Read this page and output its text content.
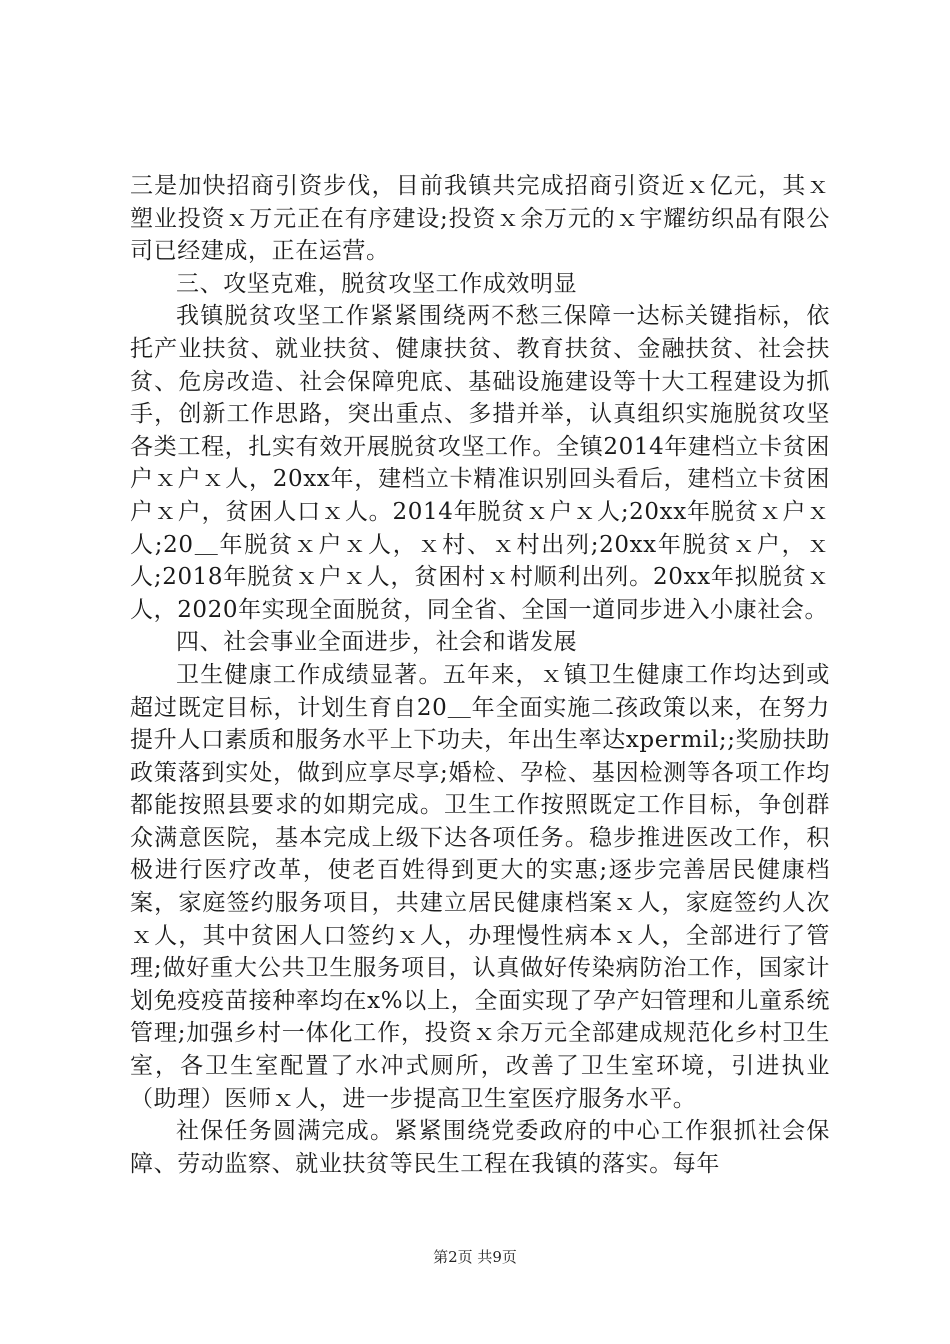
三是加快招商引资步伐，目前我镇共完成招商引资近ｘ亿元，其ｘ塑业投资ｘ万元正在有序建设;投资ｘ余万元的ｘ宇耀纺织品有限公司已经建成，正在运营。

三、攻坚克难，脱贫攻坚工作成效明显

我镇脱贫攻坚工作紧紧围绕两不愁三保障一达标关键指标，依托产业扶贫、就业扶贫、健康扶贫、教育扶贫、金融扶贫、社会扶贫、危房改造、社会保障兜底、基础设施建设等十大工程建设为抓手，创新工作思路，突出重点、多措并举，认真组织实施脱贫攻坚各类工程，扎实有效开展脱贫攻坚工作。全镇2014年建档立卡贫困户ｘ户ｘ人，20xx年，建档立卡精准识别回头看后，建档立卡贫困户ｘ户，贫困人口ｘ人。2014年脱贫ｘ户ｘ人;20xx年脱贫ｘ户ｘ人;20＿年脱贫ｘ户ｘ人，ｘ村、ｘ村出列;20xx年脱贫ｘ户，ｘ人;2018年脱贫ｘ户ｘ人，贫困村ｘ村顺利出列。20xx年拟脱贫ｘ人，2020年实现全面脱贫，同全省、全国一道同步进入小康社会。

四、社会事业全面进步，社会和谐发展

卫生健康工作成绩显著。五年来，ｘ镇卫生健康工作均达到或超过既定目标，计划生育自20＿年全面实施二孩政策以来，在努力提升人口素质和服务水平上下功夫，年出生率达xpermil;;奖励扶助政策落到实处，做到应享尽享;婚检、孕检、基因检测等各项工作均都能按照县要求的如期完成。卫生工作按照既定工作目标，争创群众满意医院，基本完成上级下达各项任务。稳步推进医改工作，积极进行医疗改革，使老百姓得到更大的实惠;逐步完善居民健康档案，家庭签约服务项目，共建立居民健康档案ｘ人，家庭签约人次ｘ人，其中贫困人口签约ｘ人，办理慢性病本ｘ人，全部进行了管理;做好重大公共卫生服务项目，认真做好传染病防治工作，国家计划免疫疫苗接种率均在x%以上，全面实现了孕产妇管理和儿童系统管理;加强乡村一体化工作，投资ｘ余万元全部建成规范化乡村卫生室，各卫生室配置了水冲式厕所，改善了卫生室环境，引进执业（助理）医师ｘ人，进一步提高卫生室医疗服务水平。

社保任务圆满完成。紧紧围绕党委政府的中心工作狠抓社会保障、劳动监察、就业扶贫等民生工程在我镇的落实。每年

第2页 共9页
